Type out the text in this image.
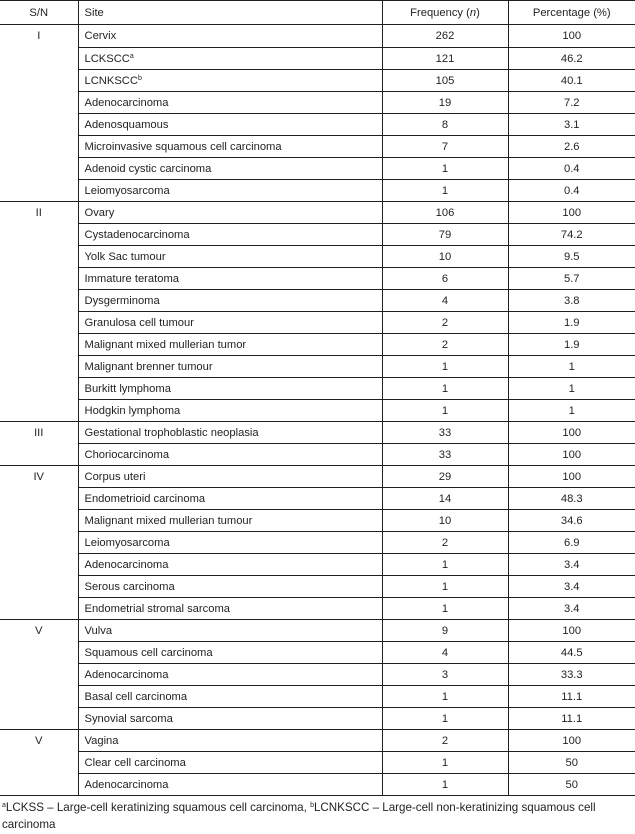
S/N	Site	Frequency (n)	Percentage (%)
I	Cervix	262	100
	LCKSCC$^a$	121	46.2
	LCNKSCC$^b$	105	40.1
	Adenocarcinoma	19	7.2
	Adenosquamous	8	3.1
	Microinvasive squamous cell carcinoma	7	2.6
	Adenoid cystic carcinoma	1	0.4
	Leiomyosarcoma	1	0.4
II	Ovary	106	100
	Cystadenocarcinoma	79	74.2
	Yolk Sac tumour	10	9.5
	Immature teratoma	6	5.7
	Dysgerminoma	4	3.8
	Granulosa cell tumour	2	1.9
	Malignant mixed mullerian tumor	2	1.9
	Malignant brenner tumour	1	1
	Burkitt lymphoma	1	1
	Hodgkin lymphoma	1	1
III	Gestational trophoblastic neoplasia	33	100
	Choriocarcinoma	33	100
IV	Corpus uteri	29	100
	Endometrioid carcinoma	14	48.3
	Malignant mixed mullerian tumour	10	34.6
	Leiomyosarcoma	2	6.9
	Adenocarcinoma	1	3.4
	Serous carcinoma	1	3.4
	Endometrial stromal sarcoma	1	3.4
V	Vulva	9	100
	Squamous cell carcinoma	4	44.5
	Adenocarcinoma	3	33.3
	Basal cell carcinoma	1	11.1
	Synovial sarcoma	1	11.1
V	Vagina	2	100
	Clear cell carcinoma	1	50
	Adenocarcinoma	1	50
$^a$LCKSS – Large-cell keratinizing squamous cell carcinoma, $^b$LCNKSCC – Large-cell non-keratinizing squamous cell carcinoma
